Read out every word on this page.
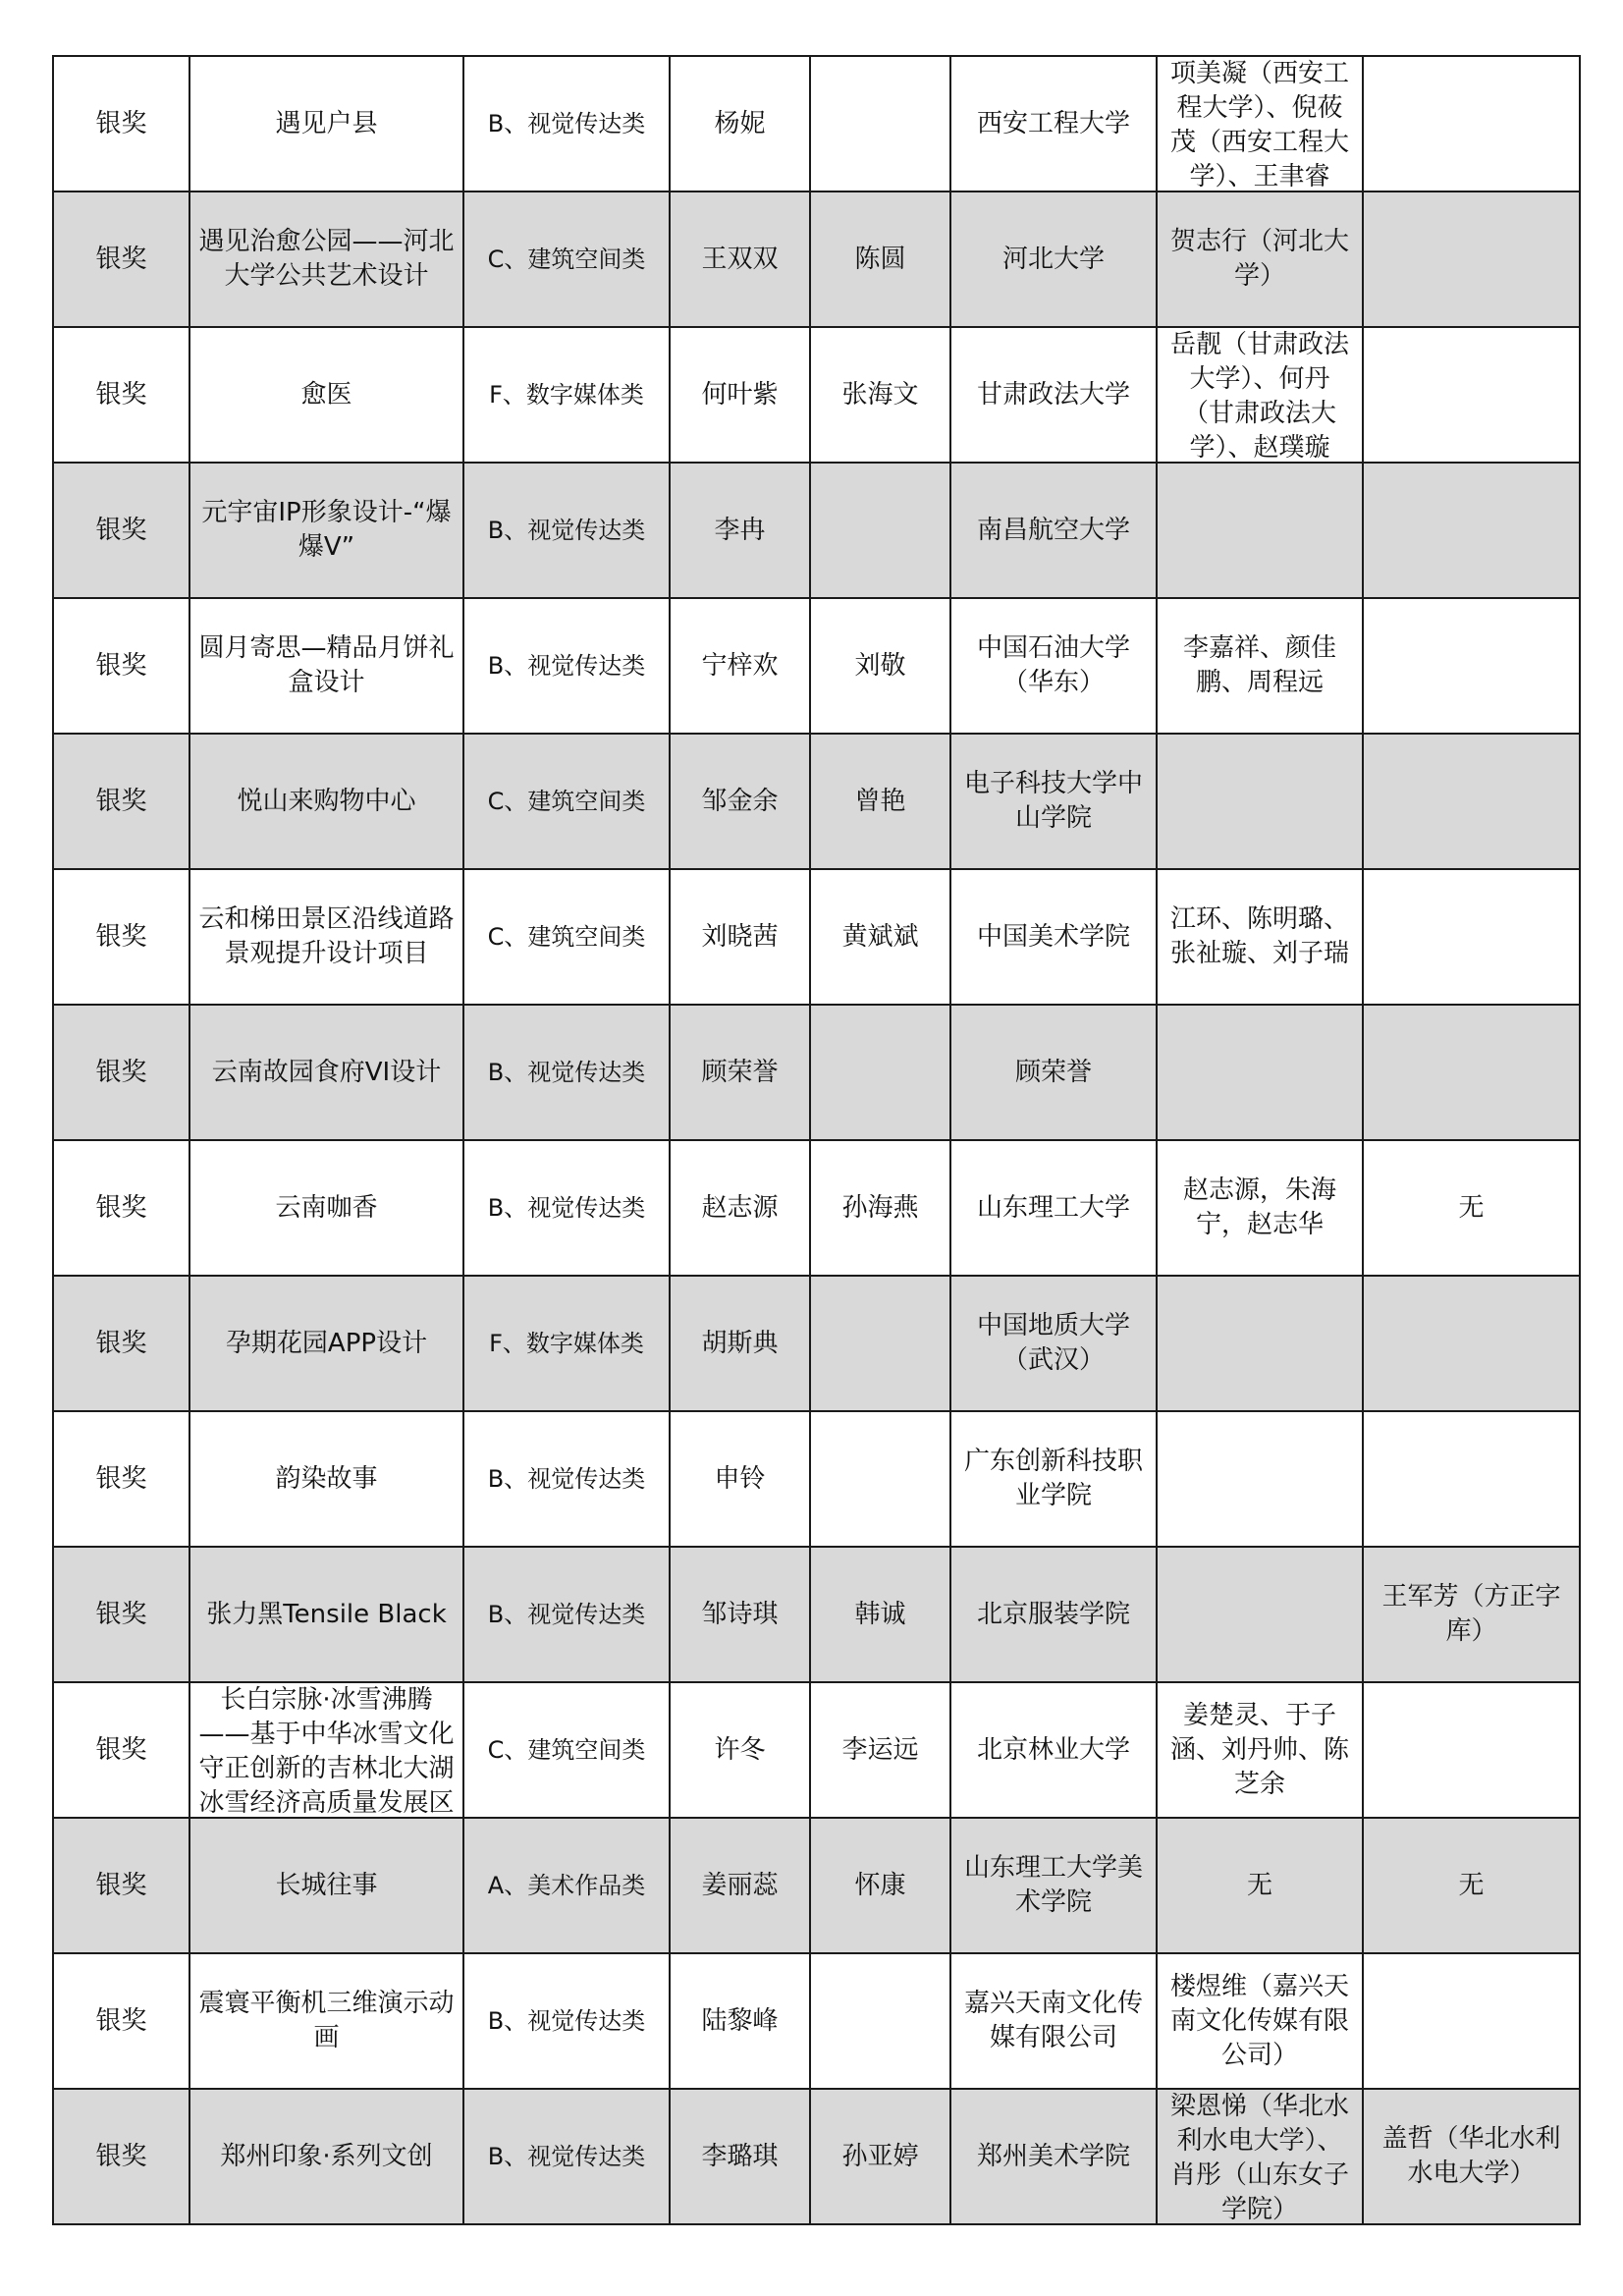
银奖	遇见户县	B、视觉传达类	杨妮		西安工程大学	项美凝（西安工程大学）、倪莜茂（西安工程大学）、王聿睿	

银奖	遇见治愈公园——河北大学公共艺术设计	C、建筑空间类	王双双	陈圆	河北大学	贺志行（河北大学）	

银奖	愈医	F、数字媒体类	何叶紫	张海文	甘肃政法大学	岳靓（甘肃政法大学）、何丹（甘肃政法大学）、赵璞璇	

银奖	元宇宙IP形象设计-“爆爆V”	B、视觉传达类	李冉		南昌航空大学		

银奖	圆月寄思—精品月饼礼盒设计	B、视觉传达类	宁梓欢	刘敬	中国石油大学（华东）	李嘉祥、颜佳鹏、周程远	

银奖	悦山来购物中心	C、建筑空间类	邹金余	曾艳	电子科技大学中山学院		

银奖	云和梯田景区沿线道路景观提升设计项目	C、建筑空间类	刘晓茜	黄斌斌	中国美术学院	江环、陈明璐、张祉璇、刘子瑞	

银奖	云南故园食府VI设计	B、视觉传达类	顾荣誉		顾荣誉		

银奖	云南咖香	B、视觉传达类	赵志源	孙海燕	山东理工大学	赵志源，朱海宁，赵志华	无

银奖	孕期花园APP设计	F、数字媒体类	胡斯典		中国地质大学（武汉）		

银奖	韵染故事	B、视觉传达类	申铃		广东创新科技职业学院		

银奖	张力黑Tensile Black	B、视觉传达类	邹诗琪	韩诚	北京服装学院		王军芳（方正字库）

银奖	长白宗脉·冰雪沸腾——基于中华冰雪文化守正创新的吉林北大湖冰雪经济高质量发展区	C、建筑空间类	许冬	李运远	北京林业大学	姜楚灵、于子涵、刘丹帅、陈芝余	

银奖	长城往事	A、美术作品类	姜丽蕊	怀康	山东理工大学美术学院	无	无

银奖	震寰平衡机三维演示动画	B、视觉传达类	陆黎峰		嘉兴天南文化传媒有限公司	楼煜维（嘉兴天南文化传媒有限公司）	

银奖	郑州印象·系列文创	B、视觉传达类	李璐琪	孙亚婷	郑州美术学院	梁恩悌（华北水利水电大学）、肖彤（山东女子学院）	盖哲（华北水利水电大学）
